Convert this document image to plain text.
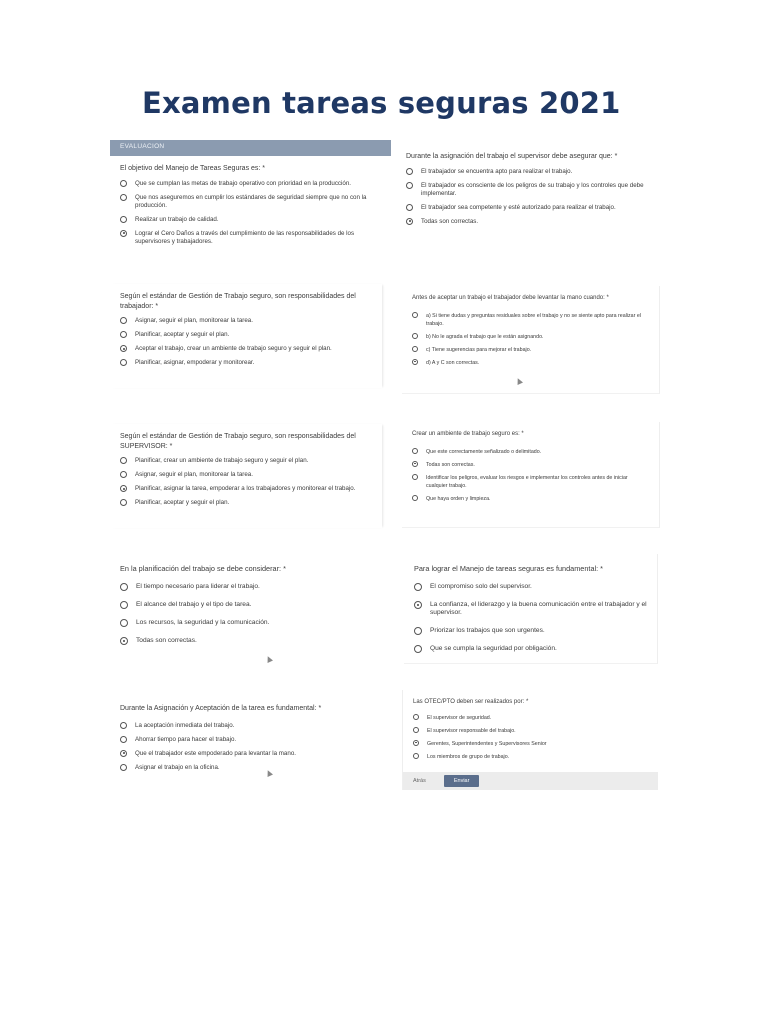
Examen tareas seguras 2021
EVALUACION

El objetivo del Manejo de Tareas Seguras es: *

Que se cumplan las metas de trabajo operativo con prioridad en la producción.
Que nos aseguremos en cumplir los estándares de seguridad siempre que no con la producción.
Realizar un trabajo de calidad.
Lograr el Cero Daños a través del cumplimiento de las responsabilidades de los supervisores y trabajadores.

Durante la asignación del trabajo el supervisor debe asegurar que: *

El trabajador se encuentra apto para realizar el trabajo.
El trabajador es consciente de los peligros de su trabajo y los controles que debe implementar.
El trabajador sea competente y esté autorizado para realizar el trabajo.
Todas son correctas.

Según el estándar de Gestión de Trabajo seguro, son responsabilidades del trabajador: *

Asignar, seguir el plan, monitorear la tarea.
Planificar, aceptar y seguir el plan.
Aceptar el trabajo, crear un ambiente de trabajo seguro y seguir el plan.
Planificar, asignar, empoderar y monitorear.

Antes de aceptar un trabajo el trabajador debe levantar la mano cuando: *

a) Si tiene dudas y preguntas residuales sobre el trabajo y no se siente apto para realizar el trabajo.
b) No le agrada el trabajo que le están asignando.
c) Tiene sugerencias para mejorar el trabajo.
d) A y C son correctas.

Según el estándar de Gestión de Trabajo seguro, son responsabilidades del SUPERVISOR: *

Planificar, crear un ambiente de trabajo seguro y seguir el plan.
Asignar, seguir el plan, monitorear la tarea.
Planificar, asignar la tarea, empoderar a los trabajadores y monitorear el trabajo.
Planificar, aceptar y seguir el plan.

Crear un ambiente de trabajo seguro es: *

Que este correctamente señalizado o delimitado.
Todas son correctas.
Identificar los peligros, evaluar los riesgos e implementar los controles antes de iniciar cualquier trabajo.
Que haya orden y limpieza.

En la planificación del trabajo se debe considerar: *

El tiempo necesario para liderar el trabajo.
El alcance del trabajo y el tipo de tarea.
Los recursos, la seguridad y la comunicación.
Todas son correctas.

Para lograr el Manejo de tareas seguras es fundamental: *

El compromiso solo del supervisor.
La confianza, el liderazgo y la buena comunicación entre el trabajador y el supervisor.
Priorizar los trabajos que son urgentes.
Que se cumpla la seguridad por obligación.

Durante la Asignación y Aceptación de la tarea es fundamental: *

La aceptación inmediata del trabajo.
Ahorrar tiempo para hacer el trabajo.
Que el trabajador este empoderado para levantar la mano.
Asignar el trabajo en la oficina.

Las OTEC/PTO deben ser realizados por: *

El supervisor de seguridad.
El supervisor responsable del trabajo.
Gerentes, Superintendentes y Supervisores Senior
Los miembros de grupo de trabajo.
Atrás	Enviar
